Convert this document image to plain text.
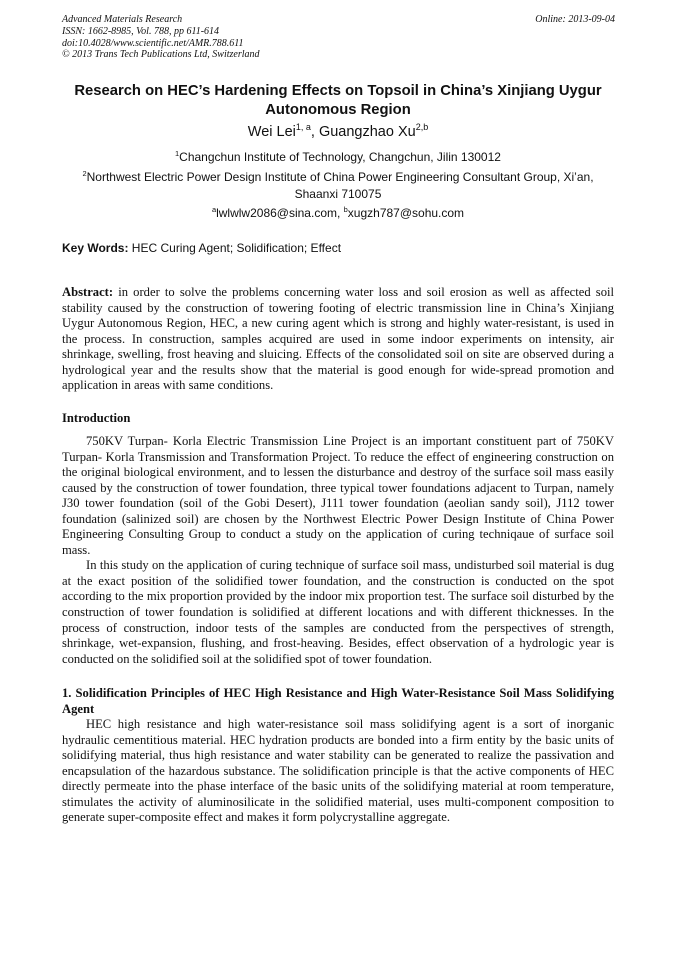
Advanced Materials Research
ISSN: 1662-8985, Vol. 788, pp 611-614
doi:10.4028/www.scientific.net/AMR.788.611
© 2013 Trans Tech Publications Ltd, Switzerland
Online: 2013-09-04
Research on HEC’s Hardening Effects on Topsoil in China’s Xinjiang Uygur Autonomous Region
Wei Lei$^{1, a}$, Guangzhao Xu$^{2,b}$
$^1$Changchun Institute of Technology, Changchun, Jilin 130012
$^2$Northwest Electric Power Design Institute of China Power Engineering Consultant Group, Xi’an, Shaanxi 710075
$^a$lwlwlw2086@sina.com, $^b$xugzh787@sohu.com
Key Words: HEC Curing Agent; Solidification; Effect
Abstract: in order to solve the problems concerning water loss and soil erosion as well as affected soil stability caused by the construction of towering footing of electric transmission line in China’s Xinjiang Uygur Autonomous Region, HEC, a new curing agent which is strong and highly water-resistant, is used in the process. In construction, samples acquired are used in some indoor experiments on intensity, air shrinkage, swelling, frost heaving and sluicing. Effects of the consolidated soil on site are observed during a hydrological year and the results show that the material is good enough for wide-spread promotion and application in areas with same conditions.
Introduction

750KV Turpan- Korla Electric Transmission Line Project is an important constituent part of 750KV Turpan- Korla Transmission and Transformation Project. To reduce the effect of engineering construction on the original biological environment, and to lessen the disturbance and destroy of the surface soil mass easily caused by the construction of tower foundation, three typical tower foundations adjacent to Turpan, namely J30 tower foundation (soil of the Gobi Desert), J111 tower foundation (aeolian sandy soil), J112 tower foundation (salinized soil) are chosen by the Northwest Electric Power Design Institute of China Power Engineering Consulting Group to conduct a study on the application of curing techniqaue of surface soil mass.

In this study on the application of curing technique of surface soil mass, undisturbed soil material is dug at the exact position of the solidified tower foundation, and the construction is conducted on the spot according to the mix proportion provided by the indoor mix proportion test. The surface soil disturbed by the construction of tower foundation is solidified at different locations and with different thicknesses. In the process of construction, indoor tests of the samples are conducted from the perspectives of strength, shrinkage, wet-expansion, flushing, and frost-heaving. Besides, effect observation of a hydrologic year is conducted on the solidified soil at the solidified spot of tower foundation.

1. Solidification Principles of HEC High Resistance and High Water-Resistance Soil Mass Solidifying Agent

HEC high resistance and high water-resistance soil mass solidifying agent is a sort of inorganic hydraulic cementitious material. HEC hydration products are bonded into a firm entity by the basic units of solidifying material, thus high resistance and water stability can be generated to realize the passivation and encapsulation of the hazardous substance. The solidification principle is that the active components of HEC directly permeate into the phase interface of the basic units of the solidifying material at room temperature, stimulates the activity of aluminosilicate in the solidified material, uses multi-component composition to generate super-composite effect and makes it form polycrystalline aggregate.
